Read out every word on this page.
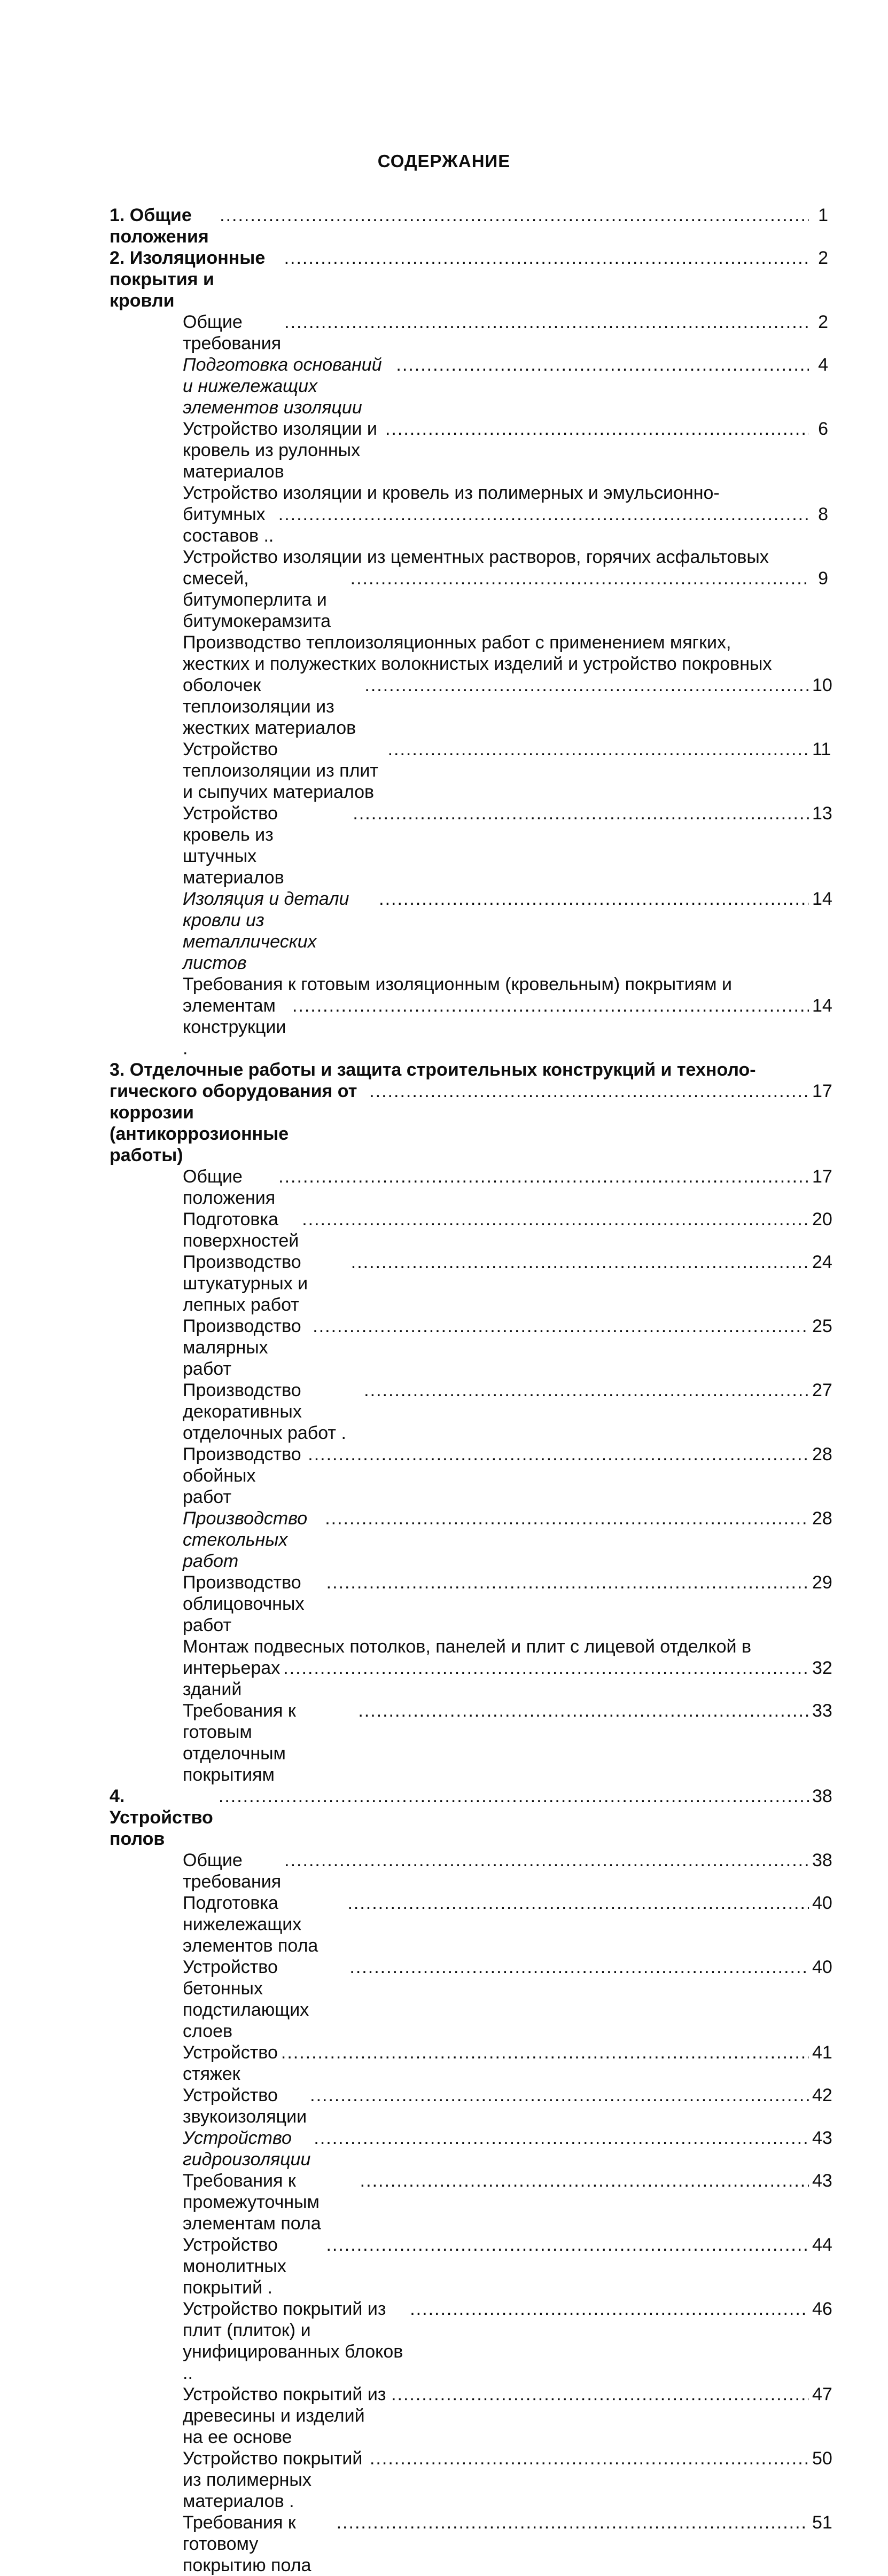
СОДЕРЖАНИЕ
1. Общие положения
.....
1
2. Изоляционные покрытия и кровли
.....
2
Общие требования
.....
2
Подготовка оснований и нижележащих элементов изоляции
.....
4
Устройство изоляции и кровель из рулонных материалов
.....
6
Устройство изоляции и кровель из полимерных и эмульсионно-
битумных составов ..
.....
8
Устройство изоляции из цементных растворов, горячих асфальтовых
смесей, битумоперлита и битумокерамзита
.....
9
Производство теплоизоляционных работ с применением мягких,
жестких и полужестких волокнистых изделий и устройство покровных
оболочек теплоизоляции из жестких материалов
.....
10
Устройство теплоизоляции из плит и сыпучих материалов
.....
11
Устройство кровель из штучных материалов
.....
13
Изоляция и детали кровли из металлических листов
.....
14
Требования к готовым изоляционным (кровельным) покрытиям и
элементам конструкции .
.....
14
3. Отделочные работы и защита строительных конструкций и техноло-
гического оборудования от коррозии (антикоррозионные работы)
.....
17
Общие положения
.....
17
Подготовка поверхностей
.....
20
Производство штукатурных и лепных работ
.....
24
Производство малярных работ
.....
25
Производство декоративных отделочных работ .
.....
27
Производство обойных работ
.....
28
Производство стекольных работ
.....
28
Производство облицовочных работ
.....
29
Монтаж подвесных потолков, панелей и плит с лицевой отделкой в
интерьерах зданий
.....
32
Требования к готовым отделочным покрытиям
.....
33
4. Устройство полов
.....
38
Общие требования
.....
38
Подготовка нижележащих элементов пола
.....
40
Устройство бетонных подстилающих слоев
.....
40
Устройство стяжек
.....
41
Устройство звукоизоляции
.....
42
Устройство гидроизоляции
.....
43
Требования к промежуточным элементам пола
.....
43
Устройство монолитных покрытий .
.....
44
Устройство покрытий из плит (плиток) и унифицированных блоков ..
.....
46
Устройство покрытий из древесины и изделий на ее основе
.....
47
Устройство покрытий из полимерных материалов .
.....
50
Требования к готовому покрытию пола
.....
51
